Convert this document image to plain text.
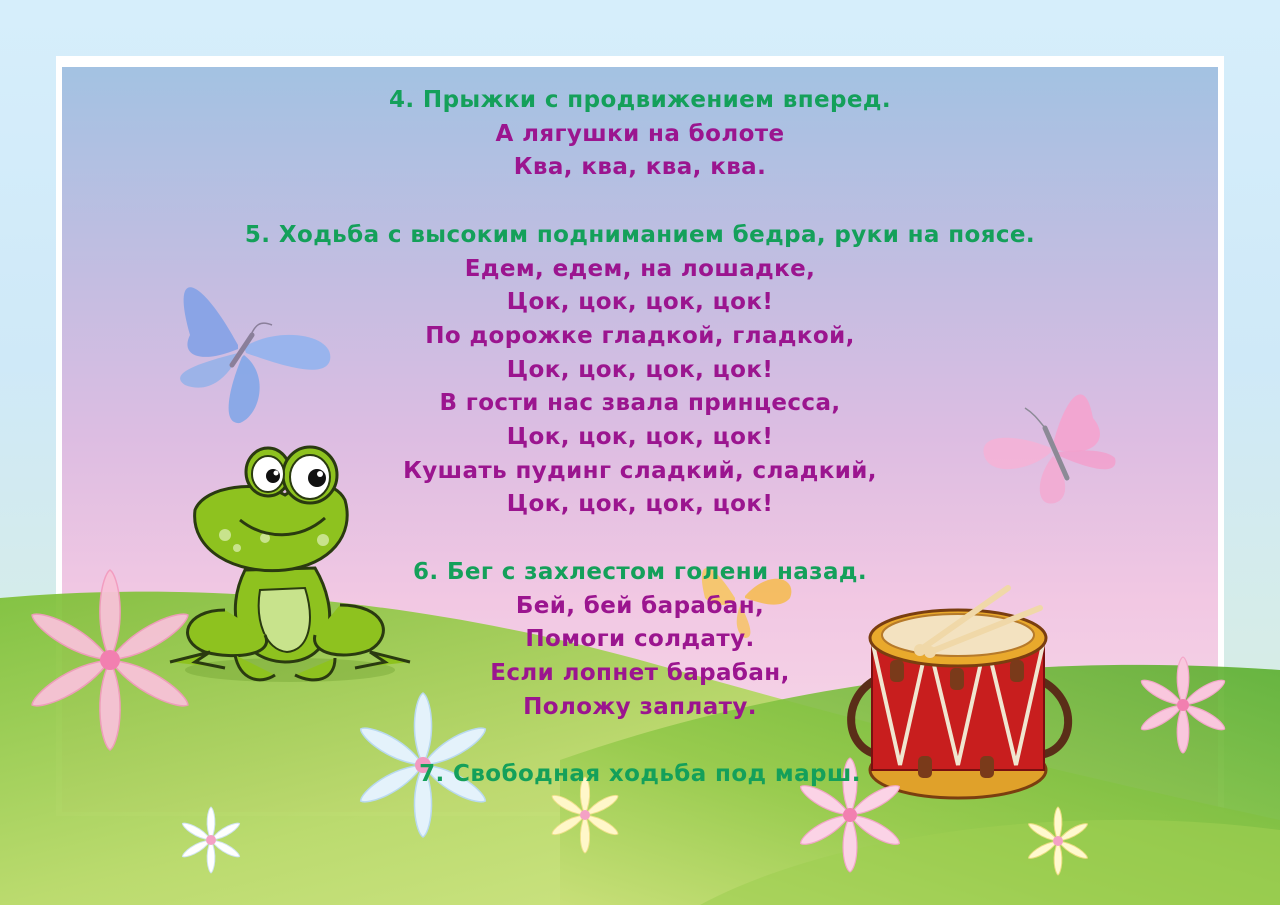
4. Прыжки с продвижением вперед.
А лягушки на болоте
Ква, ква, ква, ква.
5. Ходьба с высоким подниманием бедра, руки на поясе.
Едем, едем, на лошадке,
Цок, цок, цок, цок!
По дорожке гладкой, гладкой,
Цок, цок, цок, цок!
В гости нас звала принцесса,
Цок, цок, цок, цок!
Кушать пудинг сладкий, сладкий,
Цок, цок, цок, цок!
6. Бег с захлестом голени назад.
Бей, бей барабан,
Помоги солдату.
Если лопнет барабан,
Положу заплату.
7. Свободная ходьба под марш.
